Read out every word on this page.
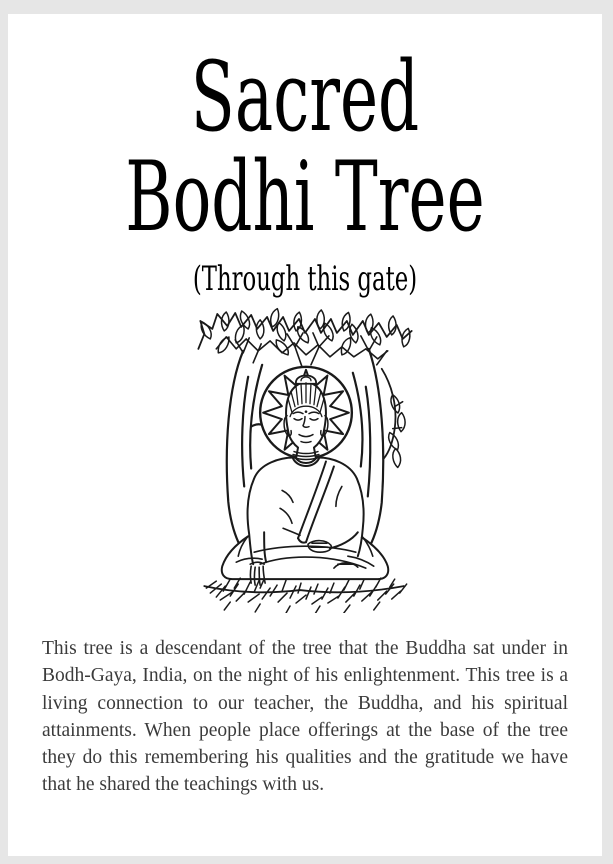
Sacred
Bodhi Tree
(Through this gate)

This tree is a descendant of the tree that the Buddha sat under in Bodh-Gaya, India, on the night of his enlightenment. This tree is a living connection to our teacher, the Buddha, and his spiritual attainments. When people place offerings at the base of the tree they do this remembering his qualities and the gratitude we have that he shared the teachings with us.
